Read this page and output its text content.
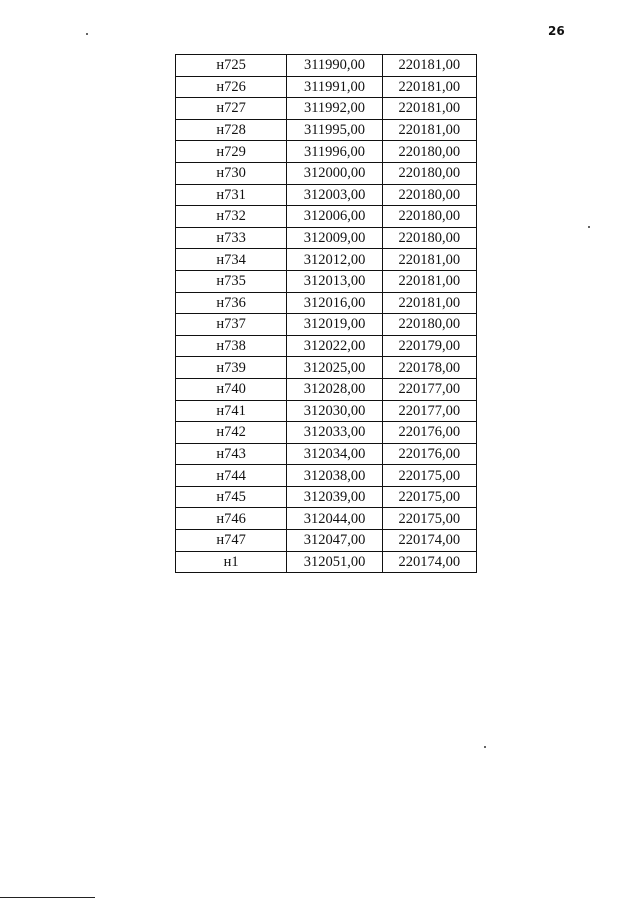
26
н725	311990,00	220181,00
н726	311991,00	220181,00
н727	311992,00	220181,00
н728	311995,00	220181,00
н729	311996,00	220180,00
н730	312000,00	220180,00
н731	312003,00	220180,00
н732	312006,00	220180,00
н733	312009,00	220180,00
н734	312012,00	220181,00
н735	312013,00	220181,00
н736	312016,00	220181,00
н737	312019,00	220180,00
н738	312022,00	220179,00
н739	312025,00	220178,00
н740	312028,00	220177,00
н741	312030,00	220177,00
н742	312033,00	220176,00
н743	312034,00	220176,00
н744	312038,00	220175,00
н745	312039,00	220175,00
н746	312044,00	220175,00
н747	312047,00	220174,00
н1	312051,00	220174,00
